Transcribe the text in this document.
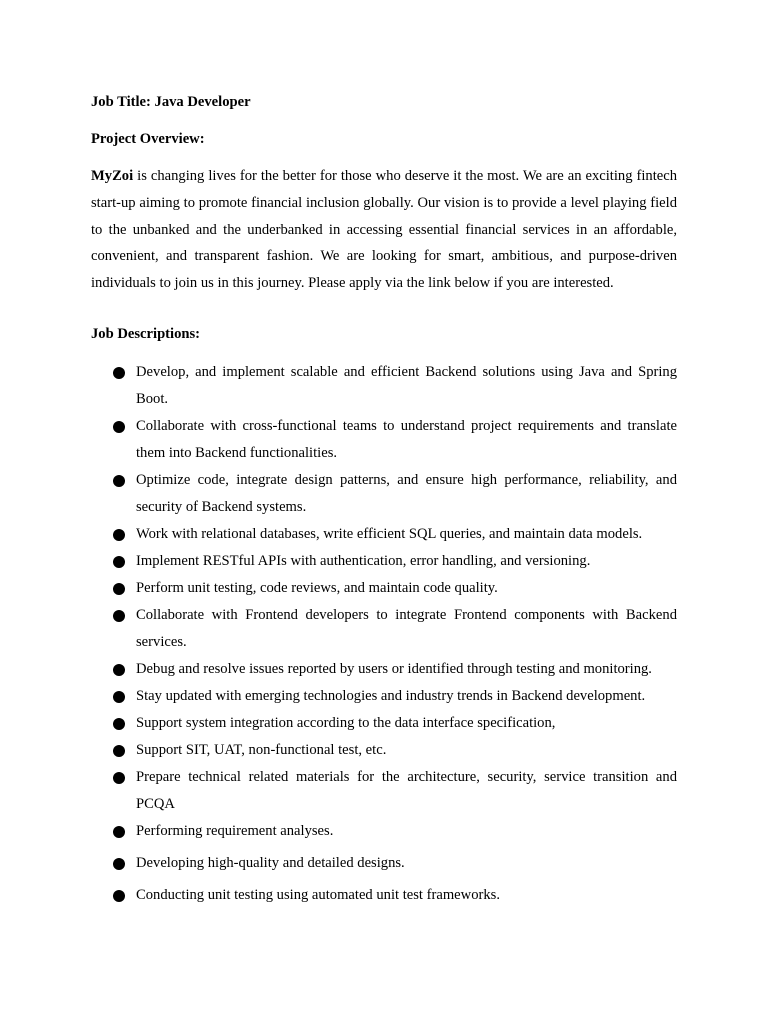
Job Title: Java Developer

Project Overview:

MyZoi is changing lives for the better for those who deserve it the most. We are an exciting fintech start-up aiming to promote financial inclusion globally. Our vision is to provide a level playing field to the unbanked and the underbanked in accessing essential financial services in an affordable, convenient, and transparent fashion. We are looking for smart, ambitious, and purpose-driven individuals to join us in this journey. Please apply via the link below if you are interested.

Job Descriptions:

Develop, and implement scalable and efficient Backend solutions using Java and Spring Boot.
Collaborate with cross-functional teams to understand project requirements and translate them into Backend functionalities.
Optimize code, integrate design patterns, and ensure high performance, reliability, and security of Backend systems.
Work with relational databases, write efficient SQL queries, and maintain data models.
Implement RESTful APIs with authentication, error handling, and versioning.
Perform unit testing, code reviews, and maintain code quality.
Collaborate with Frontend developers to integrate Frontend components with Backend services.
Debug and resolve issues reported by users or identified through testing and monitoring.
Stay updated with emerging technologies and industry trends in Backend development.
Support system integration according to the data interface specification,
Support SIT, UAT, non-functional test, etc.
Prepare technical related materials for the architecture, security, service transition and PCQA
Performing requirement analyses.
Developing high-quality and detailed designs.
Conducting unit testing using automated unit test frameworks.
